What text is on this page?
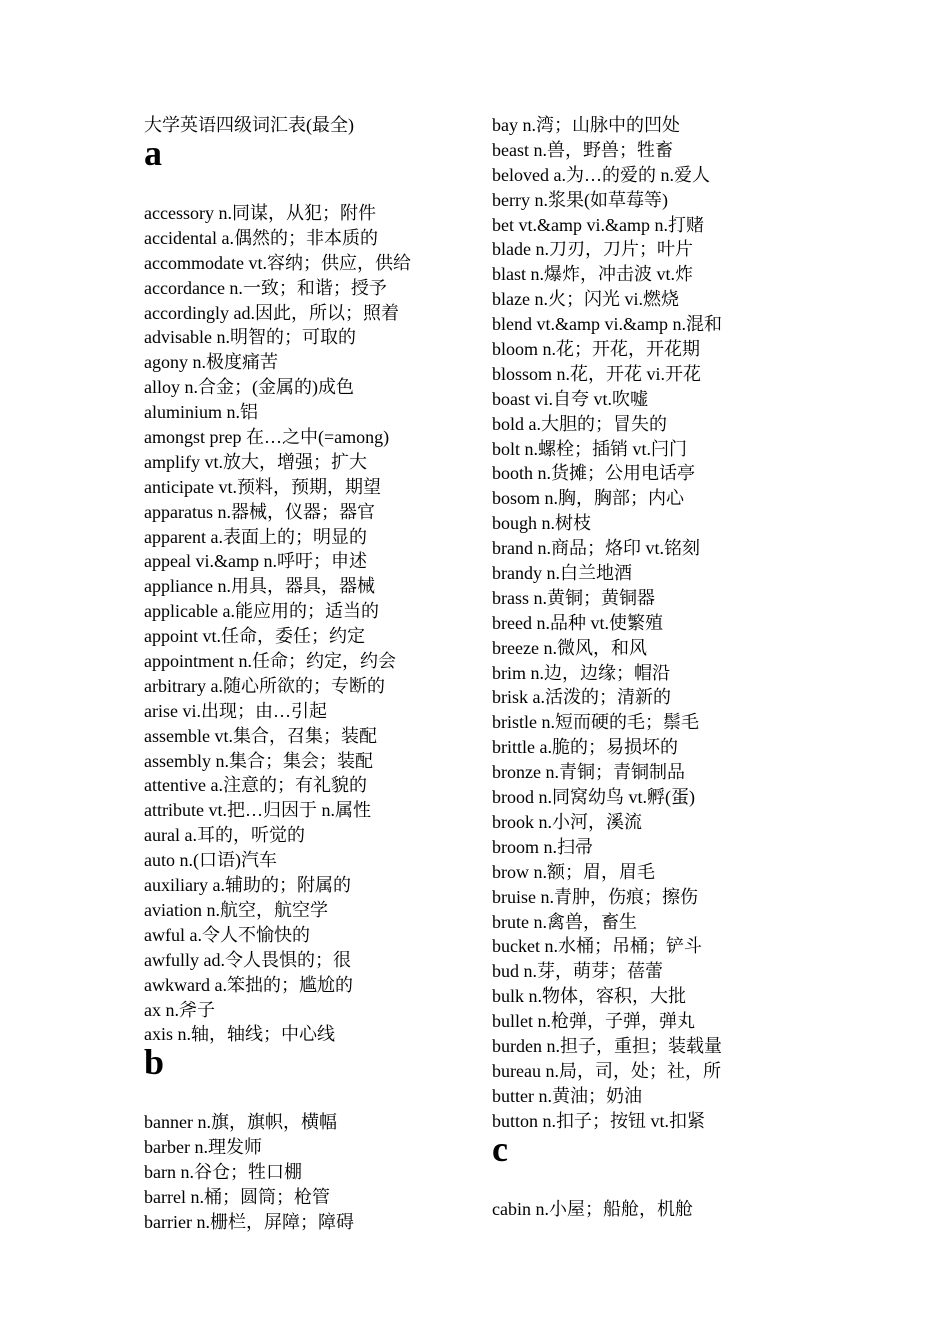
大学英语四级词汇表(最全)
a
accessory n.同谋，从犯；附件
accidental a.偶然的；非本质的
accommodate vt.容纳；供应，供给
accordance n.一致；和谐；授予
accordingly ad.因此，所以；照着
advisable n.明智的；可取的
agony n.极度痛苦
alloy n.合金；(金属的)成色
aluminium n.铝
amongst prep 在…之中(=among)
amplify vt.放大，增强；扩大
anticipate vt.预料，预期，期望
apparatus n.器械，仪器；器官
apparent a.表面上的；明显的
appeal vi.&amp n.呼吁；申述
appliance n.用具，器具，器械
applicable a.能应用的；适当的
appoint vt.任命，委任；约定
appointment n.任命；约定，约会
arbitrary a.随心所欲的；专断的
arise vi.出现；由…引起
assemble vt.集合，召集；装配
assembly n.集合；集会；装配
attentive a.注意的；有礼貌的
attribute vt.把…归因于 n.属性
aural a.耳的，听觉的
auto n.(口语)汽车
auxiliary a.辅助的；附属的
aviation n.航空，航空学
awful a.令人不愉快的
awfully ad.令人畏惧的；很
awkward a.笨拙的；尴尬的
ax n.斧子
axis n.轴，轴线；中心线
b
banner n.旗，旗帜，横幅
barber n.理发师
barn n.谷仓；牲口棚
barrel n.桶；圆筒；枪管
barrier n.栅栏，屏障；障碍
bay n.湾；山脉中的凹处
beast n.兽，野兽；牲畜
beloved a.为…的爱的 n.爱人
berry n.浆果(如草莓等)
bet vt.&amp vi.&amp n.打赌
blade n.刀刃，刀片；叶片
blast n.爆炸，冲击波 vt.炸
blaze n.火；闪光 vi.燃烧
blend vt.&amp vi.&amp n.混和
bloom n.花；开花，开花期
blossom n.花，开花 vi.开花
boast vi.自夸 vt.吹嘘
bold a.大胆的；冒失的
bolt n.螺栓；插销 vt.闩门
booth n.货摊；公用电话亭
bosom n.胸，胸部；内心
bough n.树枝
brand n.商品；烙印 vt.铭刻
brandy n.白兰地酒
brass n.黄铜；黄铜器
breed n.品种 vt.使繁殖
breeze n.微风，和风
brim n.边，边缘；帽沿
brisk a.活泼的；清新的
bristle n.短而硬的毛；鬃毛
brittle a.脆的；易损坏的
bronze n.青铜；青铜制品
brood n.同窝幼鸟 vt.孵(蛋)
brook n.小河，溪流
broom n.扫帚
brow n.额；眉，眉毛
bruise n.青肿，伤痕；擦伤
brute n.禽兽，畜生
bucket n.水桶；吊桶；铲斗
bud n.芽，萌芽；蓓蕾
bulk n.物体，容积，大批
bullet n.枪弹，子弹，弹丸
burden n.担子，重担；装载量
bureau n.局，司，处；社，所
butter n.黄油；奶油
button n.扣子；按钮 vt.扣紧
c
cabin n.小屋；船舱，机舱
